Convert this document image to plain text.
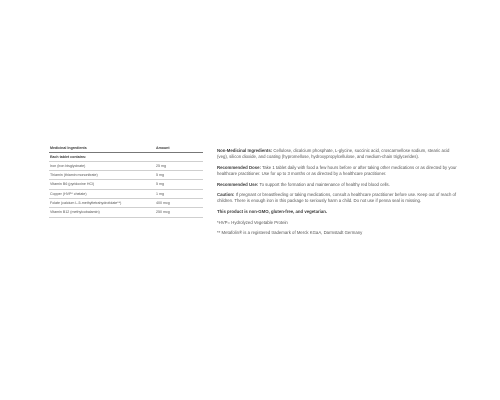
Medicinal Ingredients	Amount
Each tablet contains:	
Iron (iron bisglycinate)	25 mg
Thiamin (thiamin mononitrate)	5 mg
Vitamin B6 (pyridoxine HCl)	5 mg
Copper (HVP* chelate)	1 mg
Folate (calcium L-5-methyltetrahydrofolate**)	400 mcg
Vitamin B12 (methylcobalamin)	250 mcg

Non-Medicinal Ingredients: Cellulose, dicalcium phosphate, L-glycine, succinic acid, croscarmellose sodium, stearic acid (veg), silicon dioxide, and coating (hypromellose, hydroxypropylcellulose, and medium-chain triglycerides).

Recommended Dose: Take 1 tablet daily with food a few hours before or after taking other medications or as directed by your healthcare practitioner. Use for up to 3 months or as directed by a healthcare practitioner.

Recommended Use: To support the formation and maintenance of healthy red blood cells.

Caution: If pregnant or breastfeeding or taking medications, consult a healthcare practitioner before use. Keep out of reach of children. There is enough iron in this package to seriously harm a child. Do not use if penna seal is missing.

This product is non-GMO, gluten-free, and vegetarian.

*HVP= Hydrolyzed Vegetable Protein

** Metafolin® is a registered trademark of Merck KGaA, Darmstadt Germany
